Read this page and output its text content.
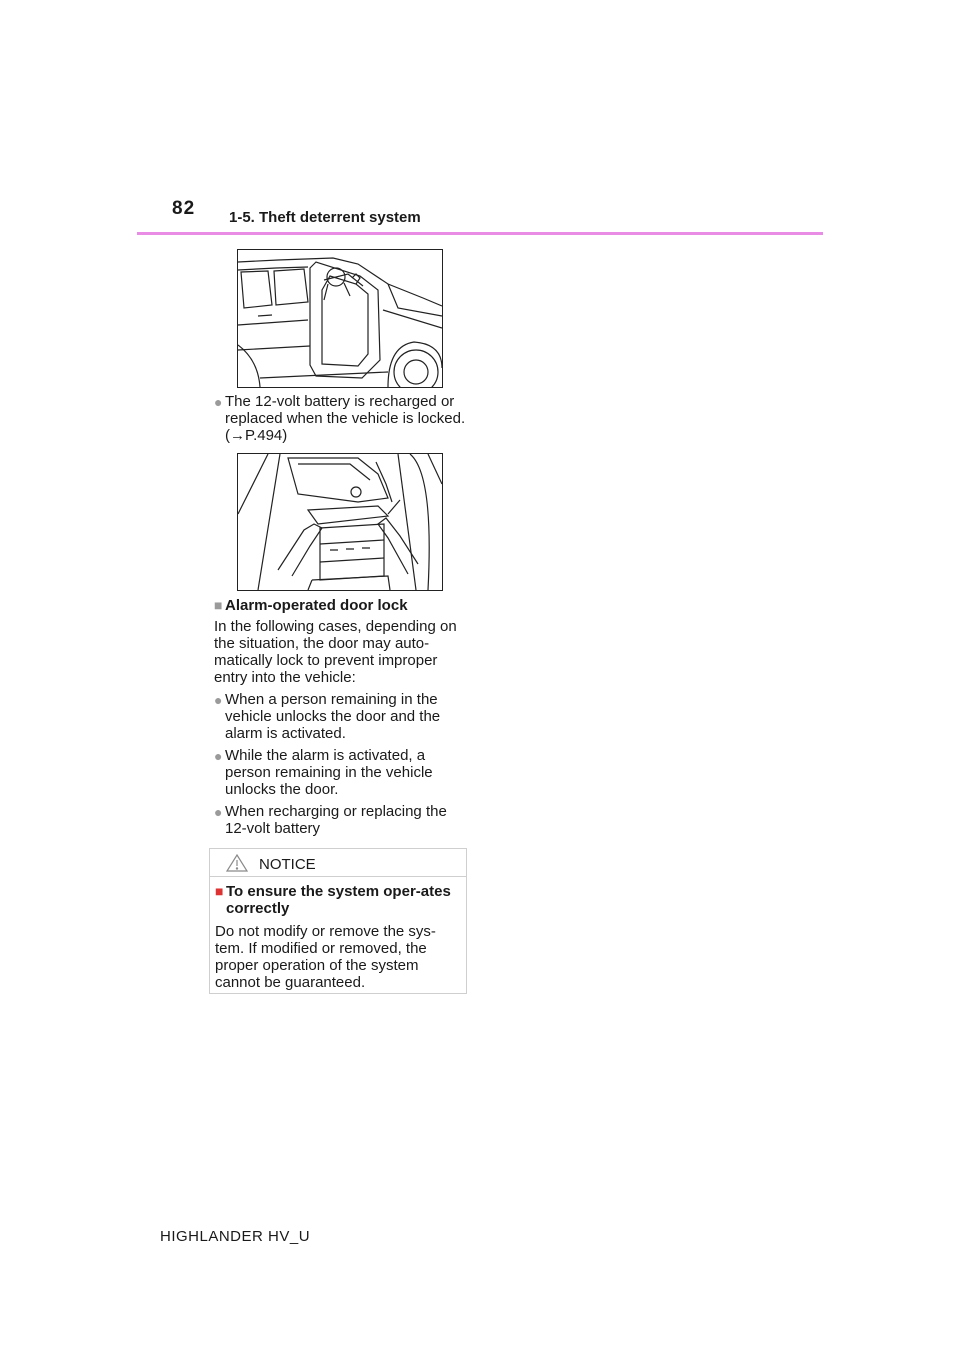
82 1-5. Theft deterrent system
● The 12-volt battery is recharged or replaced when the vehicle is locked. (→P.494)
■ Alarm-operated door lock
In the following cases, depending on the situation, the door may auto-matically lock to prevent improper entry into the vehicle:
● When a person remaining in the vehicle unlocks the door and the alarm is activated.
● While the alarm is activated, a person remaining in the vehicle unlocks the door.
● When recharging or replacing the 12-volt battery
NOTICE
■ To ensure the system oper-ates correctly
Do not modify or remove the sys-tem. If modified or removed, the proper operation of the system cannot be guaranteed.
HIGHLANDER HV_U
